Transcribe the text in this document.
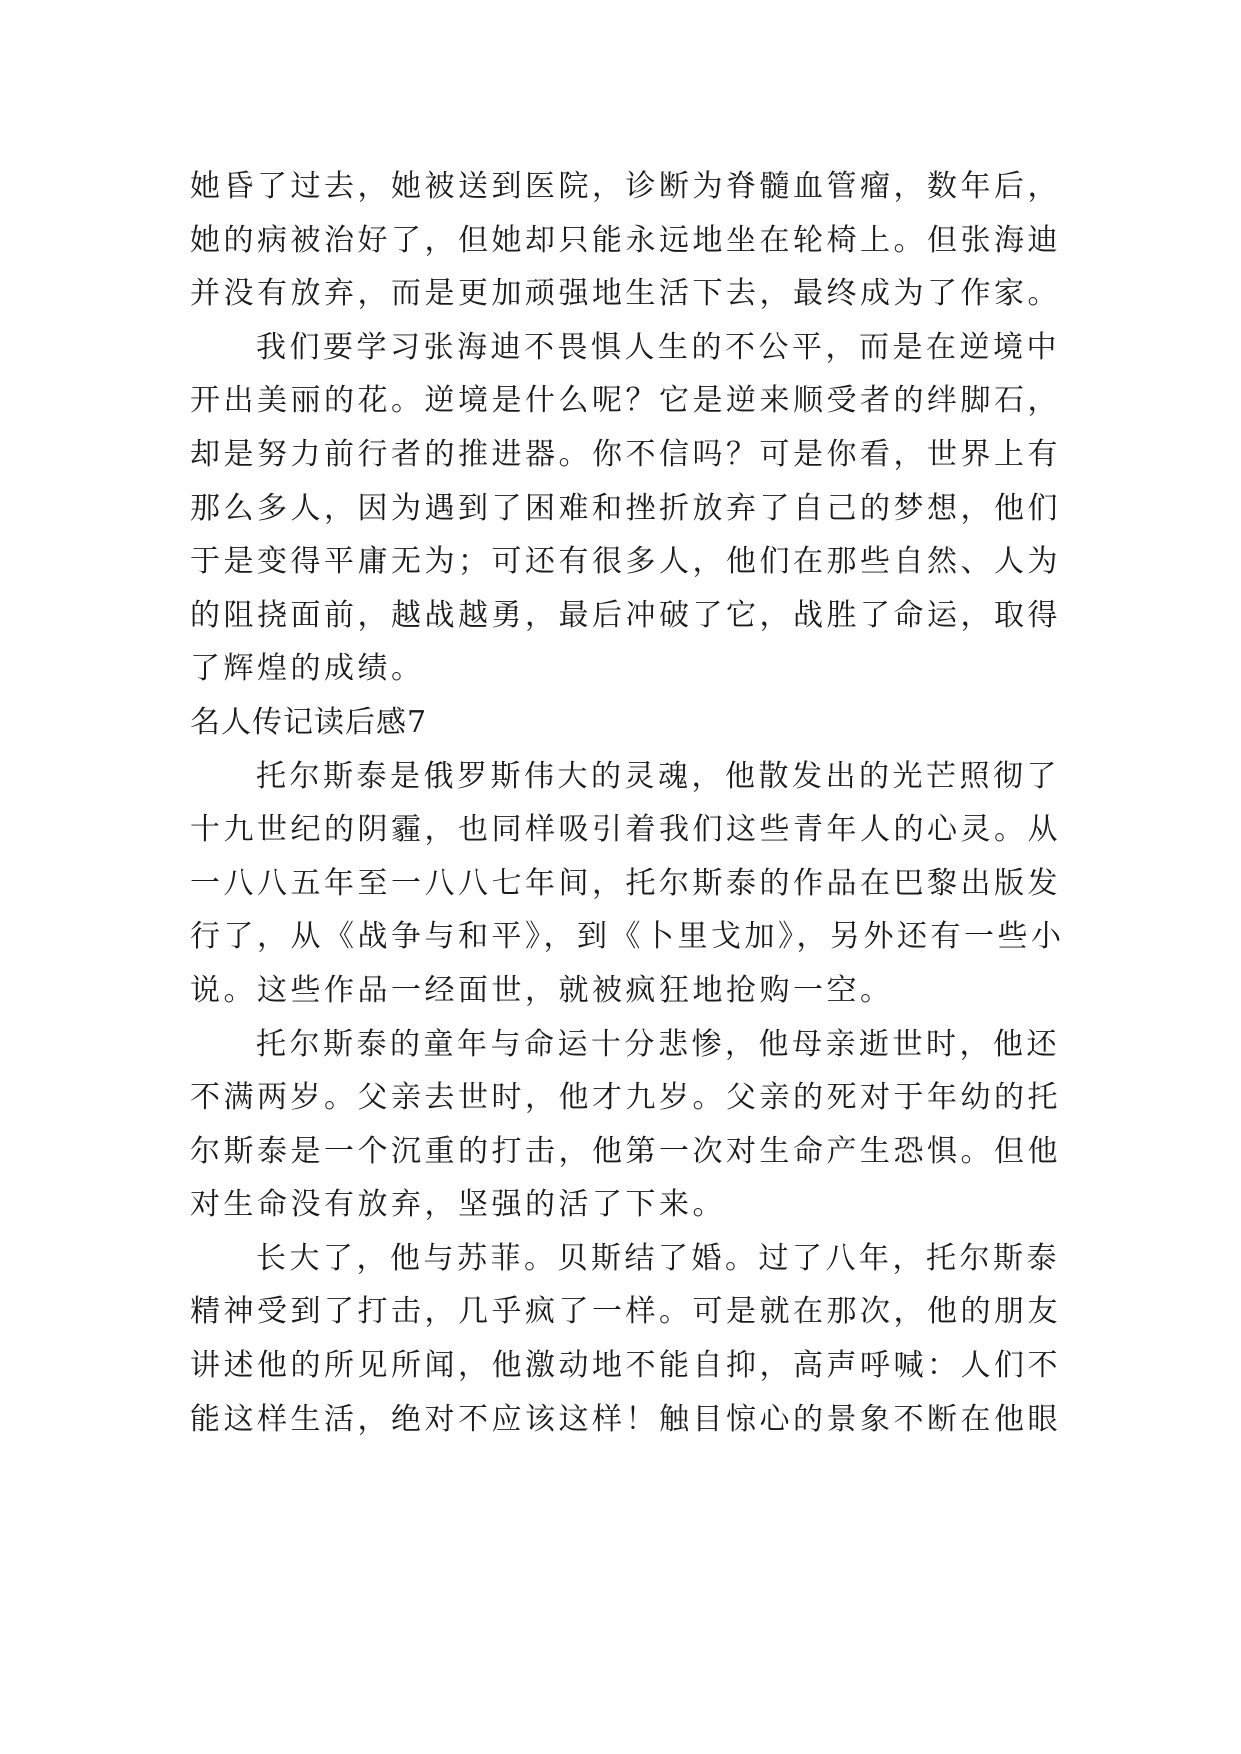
她昏了过去，她被送到医院，诊断为脊髓血管瘤，数年后，
她的病被治好了，但她却只能永远地坐在轮椅上。但张海迪
并没有放弃，而是更加顽强地生活下去，最终成为了作家。
我们要学习张海迪不畏惧人生的不公平，而是在逆境中
开出美丽的花。逆境是什么呢？它是逆来顺受者的绊脚石，
却是努力前行者的推进器。你不信吗？可是你看，世界上有
那么多人，因为遇到了困难和挫折放弃了自己的梦想，他们
于是变得平庸无为；可还有很多人，他们在那些自然、人为
的阻挠面前，越战越勇，最后冲破了它，战胜了命运，取得
了辉煌的成绩。
名人传记读后感7
托尔斯泰是俄罗斯伟大的灵魂，他散发出的光芒照彻了
十九世纪的阴霾，也同样吸引着我们这些青年人的心灵。从
一八八五年至一八八七年间，托尔斯泰的作品在巴黎出版发
行了，从《战争与和平》，到《卜里戈加》，另外还有一些小
说。这些作品一经面世，就被疯狂地抢购一空。
托尔斯泰的童年与命运十分悲惨，他母亲逝世时，他还
不满两岁。父亲去世时，他才九岁。父亲的死对于年幼的托
尔斯泰是一个沉重的打击，他第一次对生命产生恐惧。但他
对生命没有放弃，坚强的活了下来。
长大了，他与苏菲。贝斯结了婚。过了八年，托尔斯泰
精神受到了打击，几乎疯了一样。可是就在那次，他的朋友
讲述他的所见所闻，他激动地不能自抑，高声呼喊：人们不
能这样生活，绝对不应该这样！触目惊心的景象不断在他眼
